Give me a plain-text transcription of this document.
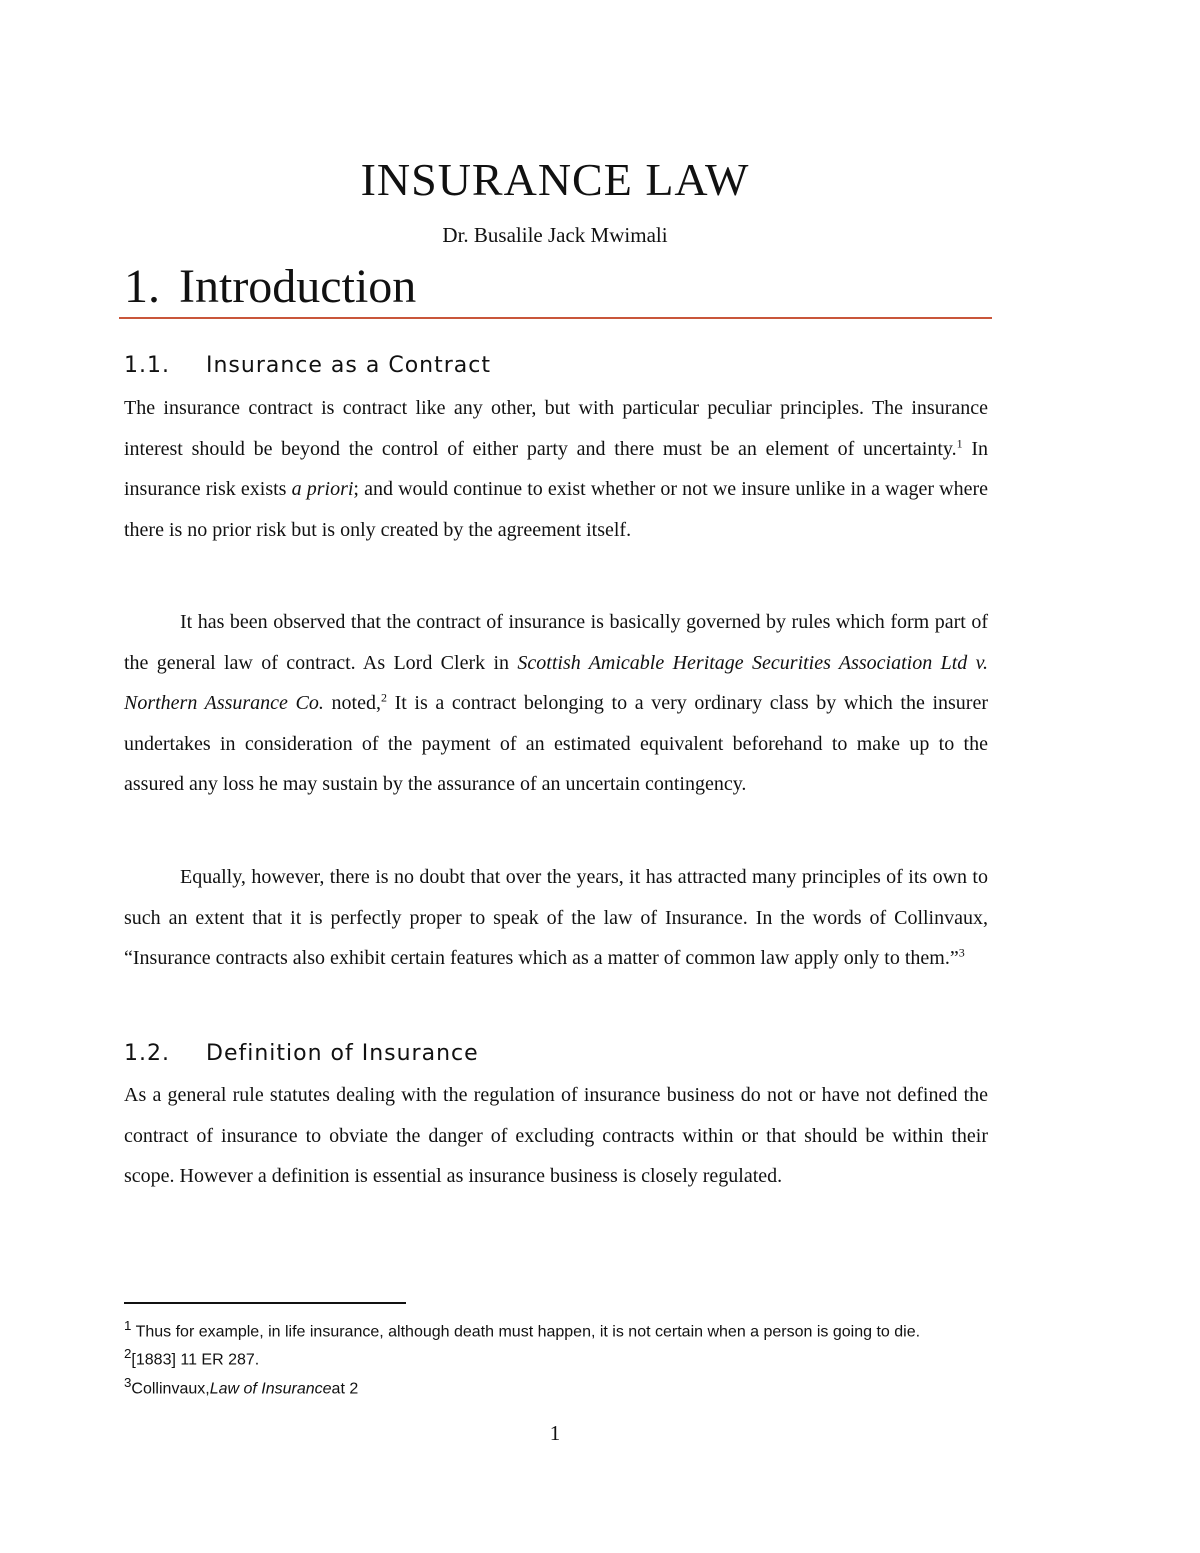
INSURANCE LAW
Dr. Busalile Jack Mwimali
1. Introduction
1.1. Insurance as a Contract

The insurance contract is contract like any other, but with particular peculiar principles. The insurance interest should be beyond the control of either party and there must be an element of uncertainty.$^1$ In insurance risk exists a priori; and would continue to exist whether or not we insure unlike in a wager where there is no prior risk but is only created by the agreement itself.

It has been observed that the contract of insurance is basically governed by rules which form part of the general law of contract. As Lord Clerk in Scottish Amicable Heritage Securities Association Ltd v. Northern Assurance Co. noted,$^2$ It is a contract belonging to a very ordinary class by which the insurer undertakes in consideration of the payment of an estimated equivalent beforehand to make up to the assured any loss he may sustain by the assurance of an uncertain contingency.

Equally, however, there is no doubt that over the years, it has attracted many principles of its own to such an extent that it is perfectly proper to speak of the law of Insurance. In the words of Collinvaux, “Insurance contracts also exhibit certain features which as a matter of common law apply only to them.”$^3$

1.2. Definition of Insurance

As a general rule statutes dealing with the regulation of insurance business do not or have not defined the contract of insurance to obviate the danger of excluding contracts within or that should be within their scope. However a definition is essential as insurance business is closely regulated.

$^1$ Thus for example, in life insurance, although death must happen, it is not certain when a person is going to die.

$^2$[1883] 11 ER 287.

$^3$Collinvaux,Law of Insuranceat 2

1
